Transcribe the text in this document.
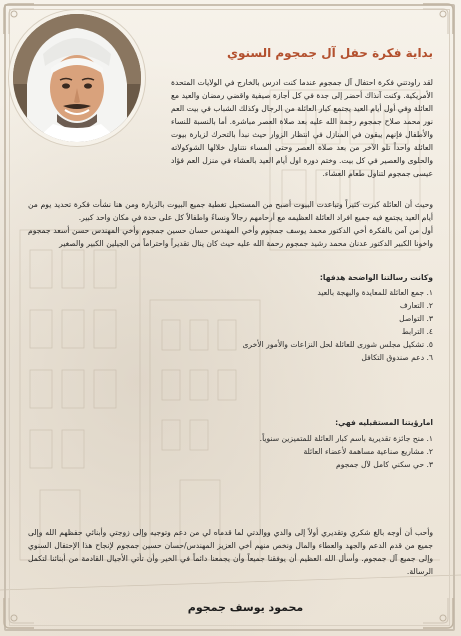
بداية فكرة حفل آل جمجوم السنوي

لقد راودتني فكرة احتفال آل جمجوم عندما كنت ادرس بالخارج في الولايات المتحدة الأمريكية. وكنت آنذاك أحضر إلى جدة في كل أجازة صيفية واقضي رمضان والعيد مع العائلة وفي أول أيام العيد يجتمع كبار العائلة من الرجال وكذلك الشباب في بيت العم نور محمد صلاح جمجوم رحمة الله عليه بعد صلاة العصر مباشرة. أما بالنسبة للنساء والأطفال فإنهم يبقون في المنازل في انتظار الزوار حيث نبدأ بالتحرك لزيارة بيوت العائلة واحداً تلو الآخر من بعد صلاة العصر وحتى المساء نتناول خلالها الشوكولاته والحلوى والعصير في كل بيت. وختم دورة اول أيام العيد بالعشاء في منزل العم فؤاد عيسى جمجوم لتناول طعام العشاء.

وحيث أن العائلة كبرت كثيراً وتباعدت البيوت أصبح من المستحيل تغطية جميع البيوت بالزيارة ومن هنا نشأت فكرة تحديد يوم من أيام العيد يجتمع فيه جميع افراد العائلة العظيمه مع أرحامهم رجالاً ونساءً واطفالاً كل على حدة في مكان واحد كبير.

أول من آمن بالفكرة أخي الدكتور محمد يوسف جمجوم وأخي المهندس حسان حسين جمجوم وأخي المهندس حسن أسعد جمجوم واخونا الكبير الدكتور عدنان محمد رشيد جمجوم رحمة الله عليه حيث كان ينال تقديراً واحتراماً من الجيلين الكبير والصغير

وكانت رسالتنا الواضحة هدفها:
١. جمع العائلة للمعايدة والبهجة بالعيد
٢. التعارف
٣. التواصل
٤. الترابط
٥. تشكيل مجلس شورى للعائلة لحل النزاعات والأمور الأخرى
٦. دعم صندوق التكافل
امارؤيتنا المستقبليه فهي:
١. منح جائزة تقديرية باسم كبار العائلة للمتميزين سنوياً.
٢. مشاريع صناعية مساهمة لأعضاء العائلة
٣. حي سكني كامل لآل جمجوم

وأحب أن أوجه بالغ شكري وتقديري أولاً إلى والدي ووالدتي لما قدماه لي من دعم وتوجيه وإلى زوجتي وأبنائي حفظهم الله وإلى جميع من قدم الدعم والجهد والعطاء والمال ونخص منهم أخي العزيز المهندس/حسان حسين جمجوم لإنجاح هذا الإحتفال السنوي وإلى جميع آل جمجوم. وأسأل الله العظيم أن يوفقنا جميعاً وأن يجمعنا دائماً في الخير وأن تأتي الأجيال القادمة من أبنائنا لتكمل الرسالة.

محمود يوسف جمجوم
